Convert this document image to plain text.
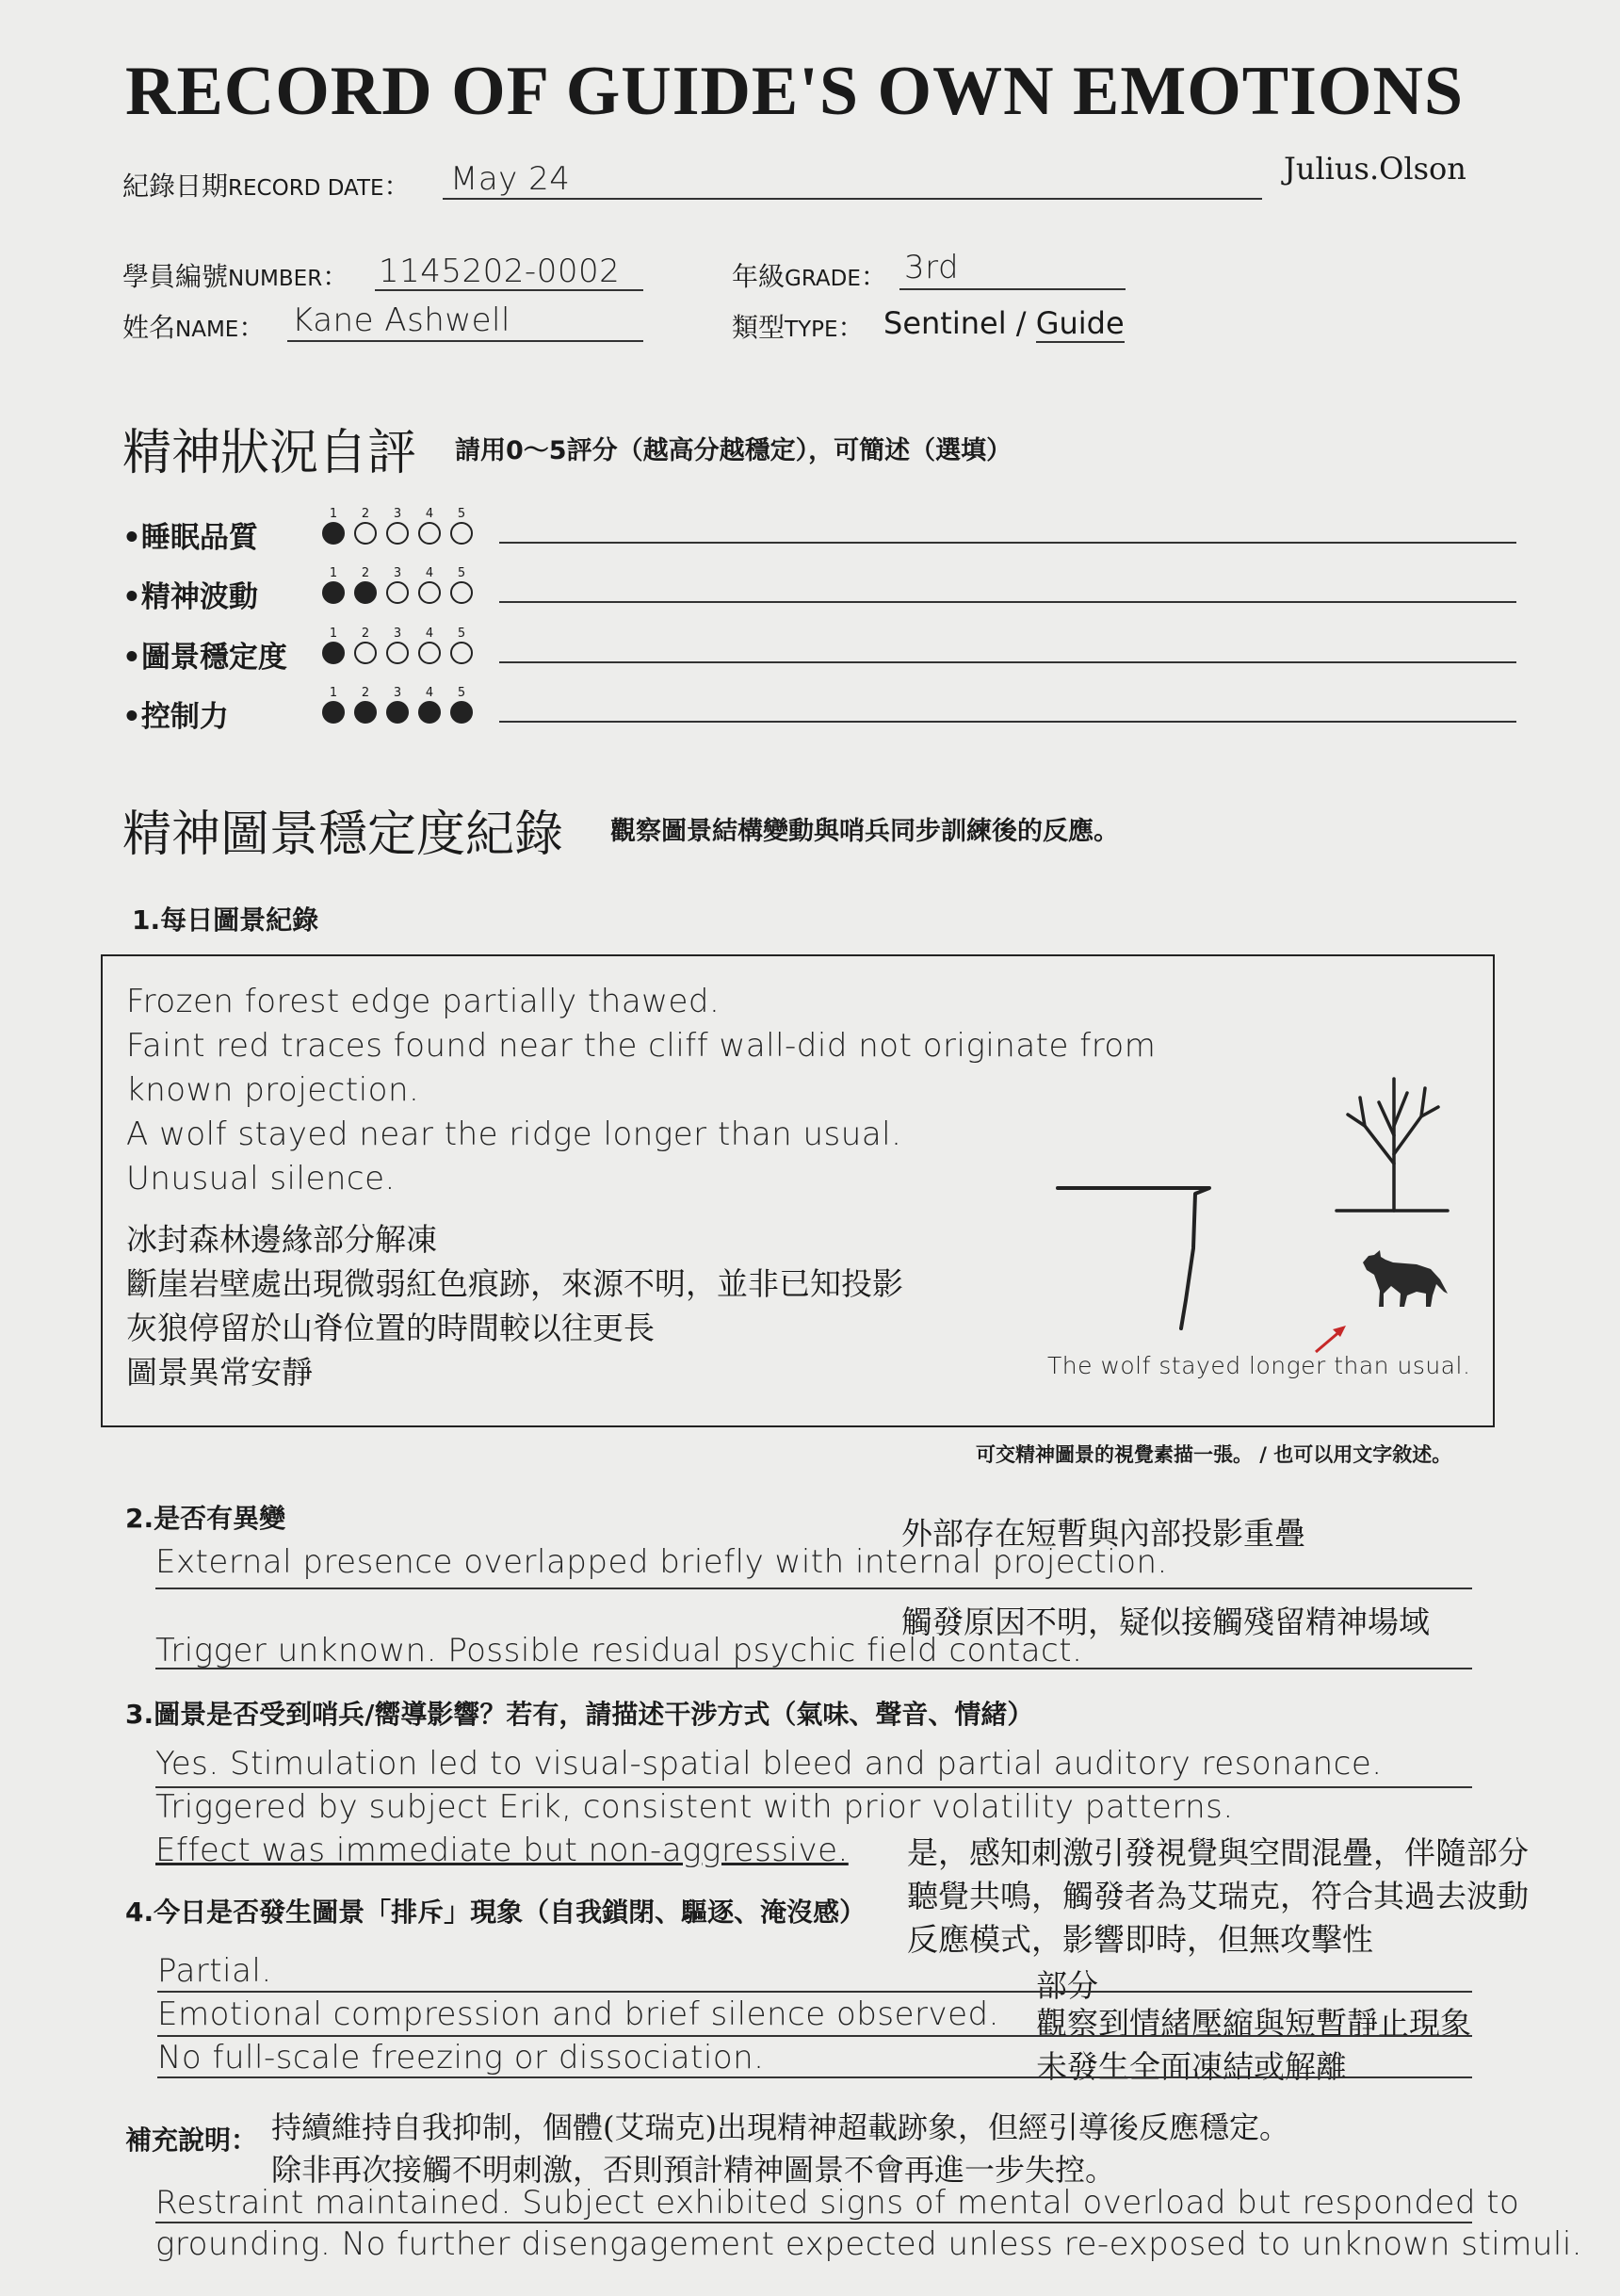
RECORD OF GUIDE'S OWN EMOTIONS
Julius.Olson
紀錄日期RECORD DATE： May 24
學員編號NUMBER： 1145202-0002	年級GRADE： 3rd
姓名NAME： Kane Ashwell	類型TYPE： Sentinel / Guide
精神狀況自評 請用0～5評分（越高分越穩定），可簡述（選填）
•睡眠品質
1	2	3	4	5
•精神波動
1	2	3	4	5
•圖景穩定度
1	2	3	4	5
•控制力
1	2	3	4	5
精神圖景穩定度紀錄 觀察圖景結構變動與哨兵同步訓練後的反應。
1.每日圖景紀錄
Frozen forest edge partially thawed.
Faint red traces found near the cliff wall-did not originate from
known projection.
A wolf stayed near the ridge longer than usual.
Unusual silence.
冰封森林邊緣部分解凍
斷崖岩壁處出現微弱紅色痕跡，來源不明，並非已知投影
灰狼停留於山脊位置的時間較以往更長
圖景異常安靜	The wolf stayed longer than usual.
可交精神圖景的視覺素描一張。 / 也可以用文字敘述。
2.是否有異變	外部存在短暫與內部投影重疊
External presence overlapped briefly with internal projection.
觸發原因不明，疑似接觸殘留精神場域
Trigger unknown. Possible residual psychic field contact.
3.圖景是否受到哨兵/嚮導影響？若有，請描述干涉方式（氣味、聲音、情緒）
Yes. Stimulation led to visual-spatial bleed and partial auditory resonance.
Triggered by subject Erik, consistent with prior volatility patterns.
Effect was immediate but non-aggressive. 是，感知刺激引發視覺與空間混疊，伴隨部分
聽覺共鳴，觸發者為艾瑞克，符合其過去波動
反應模式，影響即時，但無攻擊性
4.今日是否發生圖景「排斥」現象（自我鎖閉、驅逐、淹沒感）
Partial.	部分
Emotional compression and brief silence observed. 觀察到情緒壓縮與短暫靜止現象
No full-scale freezing or dissociation.	未發生全面凍結或解離
補充說明： 持續維持自我抑制，個體(艾瑞克)出現精神超載跡象，但經引導後反應穩定。
除非再次接觸不明刺激，否則預計精神圖景不會再進一步失控。
Restraint maintained. Subject exhibited signs of mental overload but responded to
grounding. No further disengagement expected unless re-exposed to unknown stimuli.
